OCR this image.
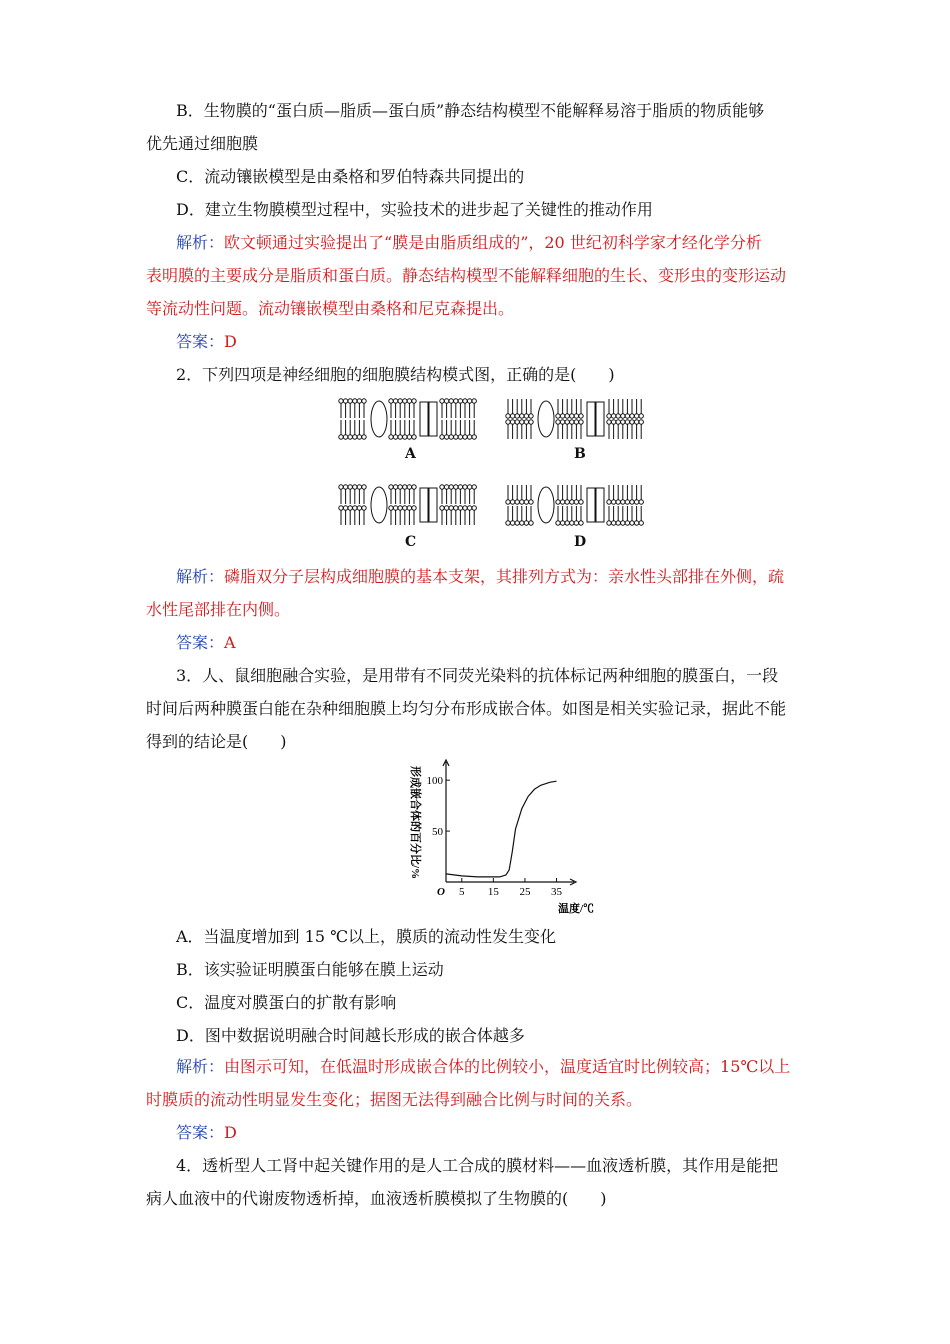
B．生物膜的“蛋白质—脂质—蛋白质”静态结构模型不能解释易溶于脂质的物质能够
优先通过细胞膜
C．流动镶嵌模型是由桑格和罗伯特森共同提出的
D．建立生物膜模型过程中，实验技术的进步起了关键性的推动作用
解析：欧文顿通过实验提出了“膜是由脂质组成的”，20 世纪初科学家才经化学分析
表明膜的主要成分是脂质和蛋白质。静态结构模型不能解释细胞的生长、变形虫的变形运动
等流动性问题。流动镶嵌模型由桑格和尼克森提出。
答案：D
2．下列四项是神经细胞的细胞膜结构模式图，正确的是(　　)
A	B
C	D
解析：磷脂双分子层构成细胞膜的基本支架，其排列方式为：亲水性头部排在外侧，疏
水性尾部排在内侧。
答案：A
3．人、鼠细胞融合实验，是用带有不同荧光染料的抗体标记两种细胞的膜蛋白，一段
时间后两种膜蛋白能在杂种细胞膜上均匀分布形成嵌合体。如图是相关实验记录，据此不能
得到的结论是(　　)
50
100
5 15 25 35
O
温度/℃
形成嵌合体的百分比/%
A．当温度增加到 15 ℃以上，膜质的流动性发生变化
B．该实验证明膜蛋白能够在膜上运动
C．温度对膜蛋白的扩散有影响
D．图中数据说明融合时间越长形成的嵌合体越多
解析：由图示可知，在低温时形成嵌合体的比例较小，温度适宜时比例较高；15℃以上
时膜质的流动性明显发生变化；据图无法得到融合比例与时间的关系。
答案：D
4．透析型人工肾中起关键作用的是人工合成的膜材料——血液透析膜，其作用是能把
病人血液中的代谢废物透析掉，血液透析膜模拟了生物膜的(　　)
